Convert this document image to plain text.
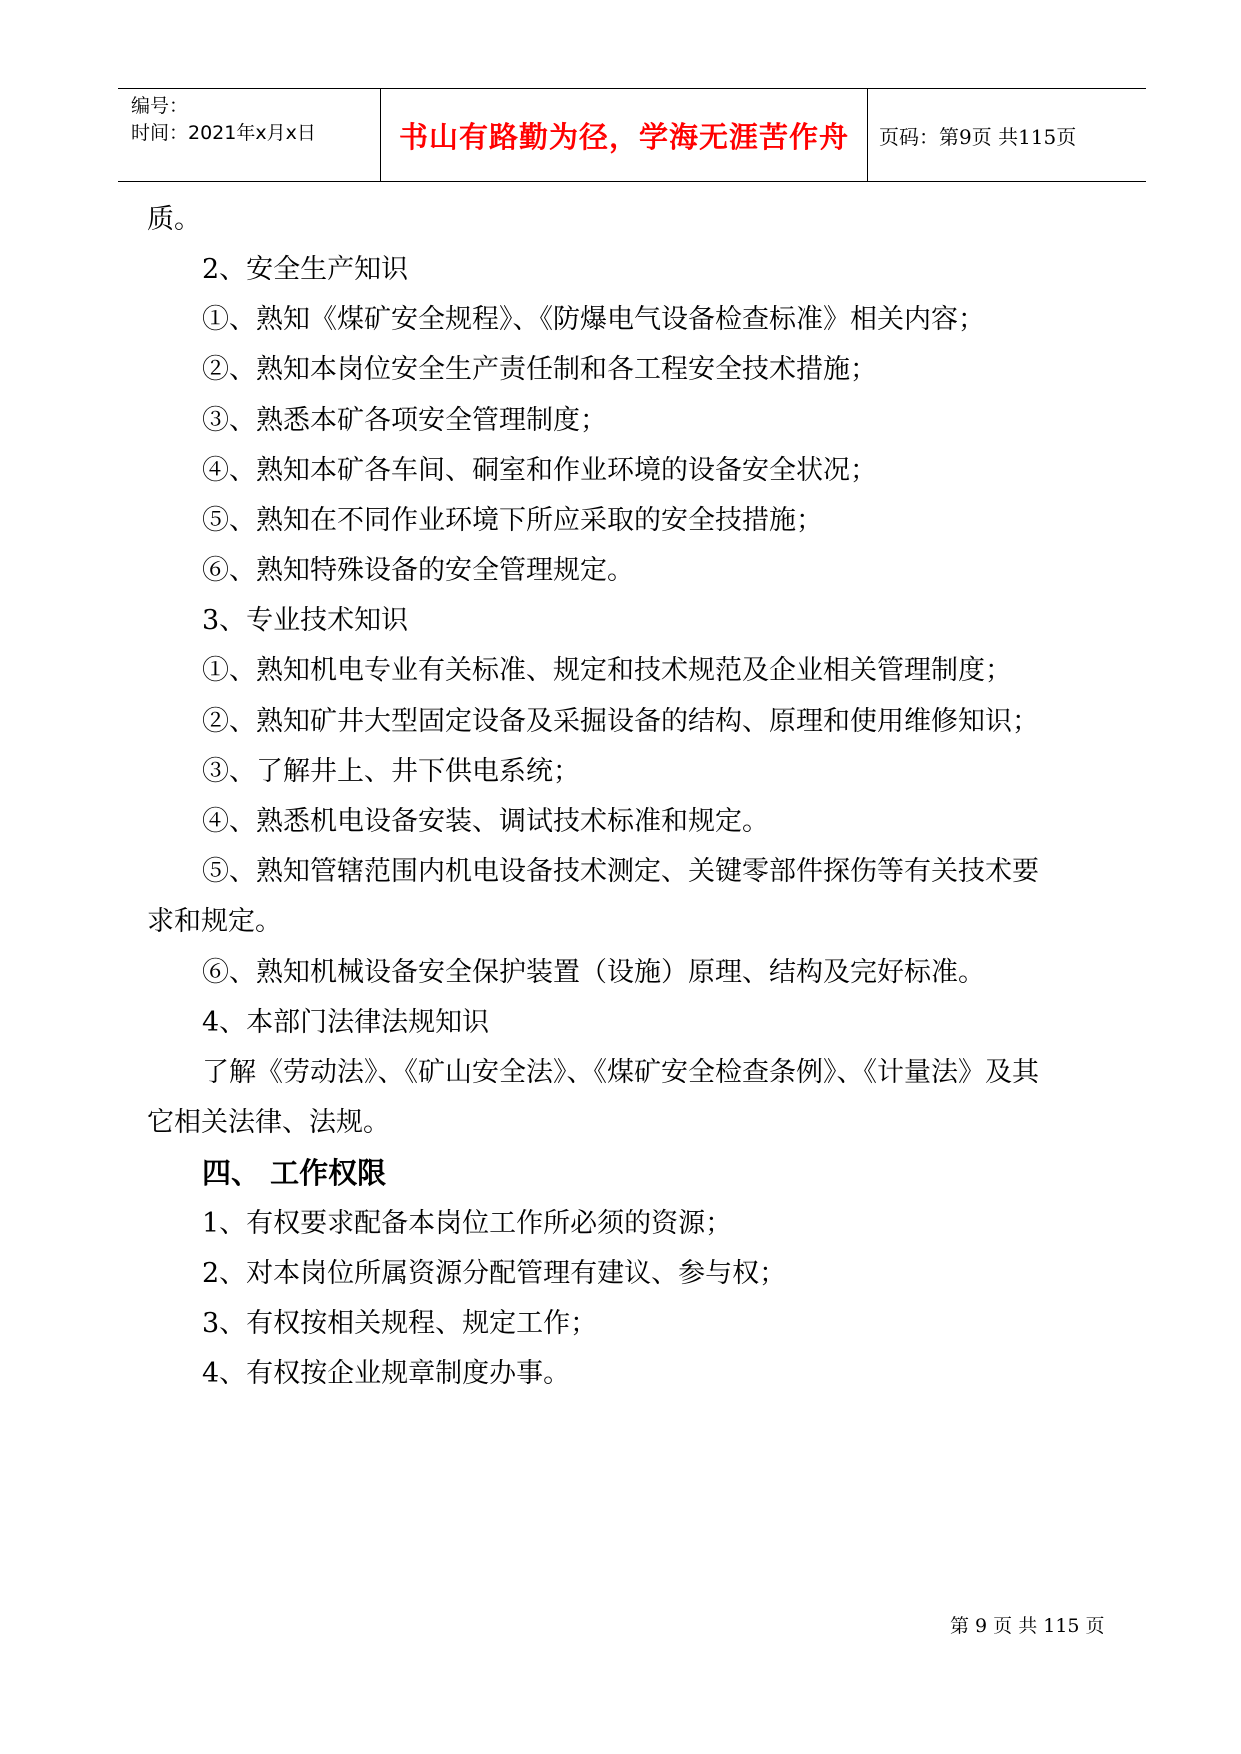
编号：
时间：2021年x月x日	书山有路勤为径，学海无涯苦作舟	页码：第9页 共115页
质。
2、安全生产知识
①、熟知《煤矿安全规程》、《防爆电气设备检查标准》相关内容；
②、熟知本岗位安全生产责任制和各工程安全技术措施；
③、熟悉本矿各项安全管理制度；
④、熟知本矿各车间、硐室和作业环境的设备安全状况；
⑤、熟知在不同作业环境下所应采取的安全技措施；
⑥、熟知特殊设备的安全管理规定。
3、专业技术知识
①、熟知机电专业有关标准、规定和技术规范及企业相关管理制度；
②、熟知矿井大型固定设备及采掘设备的结构、原理和使用维修知识；
③、了解井上、井下供电系统；
④、熟悉机电设备安装、调试技术标准和规定。
⑤、熟知管辖范围内机电设备技术测定、关键零部件探伤等有关技术要
求和规定。
⑥、熟知机械设备安全保护装置（设施）原理、结构及完好标准。
4、本部门法律法规知识
了解《劳动法》、《矿山安全法》、《煤矿安全检查条例》、《计量法》及其
它相关法律、法规。
四、 工作权限
1、有权要求配备本岗位工作所必须的资源；
2、对本岗位所属资源分配管理有建议、参与权；
3、有权按相关规程、规定工作；
4、有权按企业规章制度办事。
第 9 页 共 115 页
